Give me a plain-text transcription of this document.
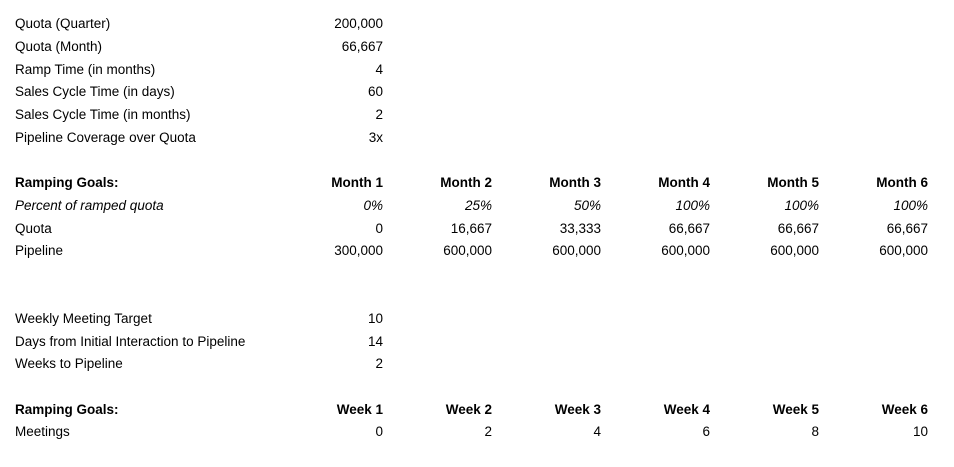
Quota (Quarter)	200,000
Quota (Month)	66,667
Ramp Time (in months)	4
Sales Cycle Time (in days)	60
Sales Cycle Time (in months)	2
Pipeline Coverage over Quota	3x
Ramping Goals:	Month 1	Month 2	Month 3	Month 4	Month 5	Month 6
Percent of ramped quota	0%	25%	50%	100%	100%	100%
Quota	0	16,667	33,333	66,667	66,667	66,667
Pipeline	300,000	600,000	600,000	600,000	600,000	600,000
Weekly Meeting Target	10
Days from Initial Interaction to Pipeline	14
Weeks to Pipeline	2
Ramping Goals:	Week 1	Week 2	Week 3	Week 4	Week 5	Week 6
Meetings	0	2	4	6	8	10
